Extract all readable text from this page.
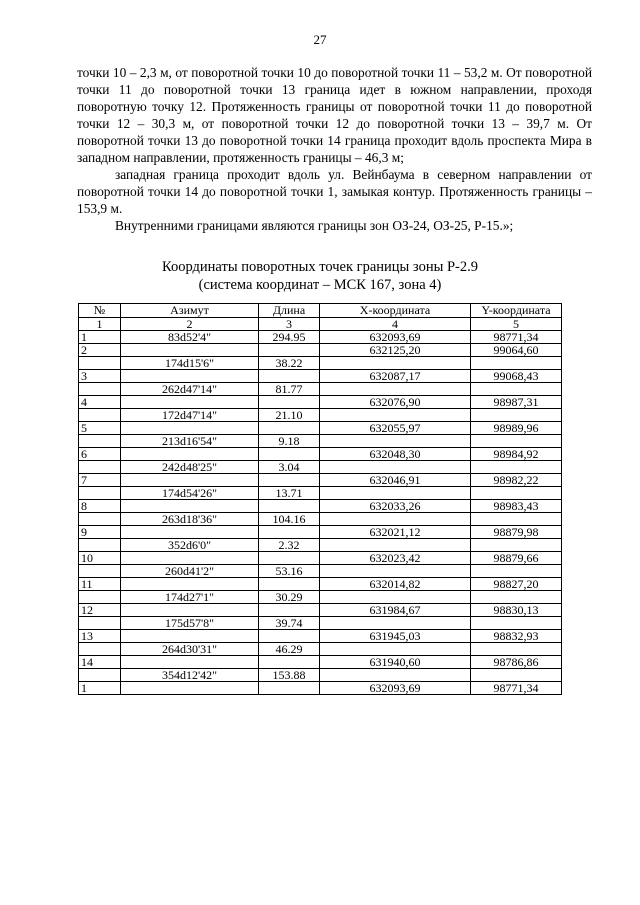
27

точки 10 – 2,3 м, от поворотной точки 10 до поворотной точки 11 – 53,2 м. От поворотной точки 11 до поворотной точки 13 граница идет в южном направлении, проходя поворотную точку 12. Протяженность границы от поворотной точки 11 до поворотной точки 12 – 30,3 м, от поворотной точки 12 до поворотной точки 13 – 39,7 м. От поворотной точки 13 до поворотной точки 14 граница проходит вдоль проспекта Мира в западном направлении, протяженность границы – 46,3 м;

западная граница проходит вдоль ул. Вейнбаума в северном направлении от поворотной точки 14 до поворотной точки 1, замыкая контур. Протяженность границы – 153,9 м.

Внутренними границами являются границы зон ОЗ-24, ОЗ-25, Р-15.»;

Координаты поворотных точек границы зоны Р-2.9
(система координат – МСК 167, зона 4)
№	Азимут	Длина	X-координата	Y-координата
1	2	3	4	5
1	83d52'4"	294.95	632093,69	98771,34
2			632125,20	99064,60
	174d15'6"	38.22		
3			632087,17	99068,43
	262d47'14"	81.77		
4			632076,90	98987,31
	172d47'14"	21.10		
5			632055,97	98989,96
	213d16'54"	9.18		
6			632048,30	98984,92
	242d48'25"	3.04		
7			632046,91	98982,22
	174d54'26"	13.71		
8			632033,26	98983,43
	263d18'36"	104.16		
9			632021,12	98879,98
	352d6'0"	2.32		
10			632023,42	98879,66
	260d41'2"	53.16		
11			632014,82	98827,20
	174d27'1"	30.29		
12			631984,67	98830,13
	175d57'8"	39.74		
13			631945,03	98832,93
	264d30'31"	46.29		
14			631940,60	98786,86
	354d12'42"	153.88		
1			632093,69	98771,34
